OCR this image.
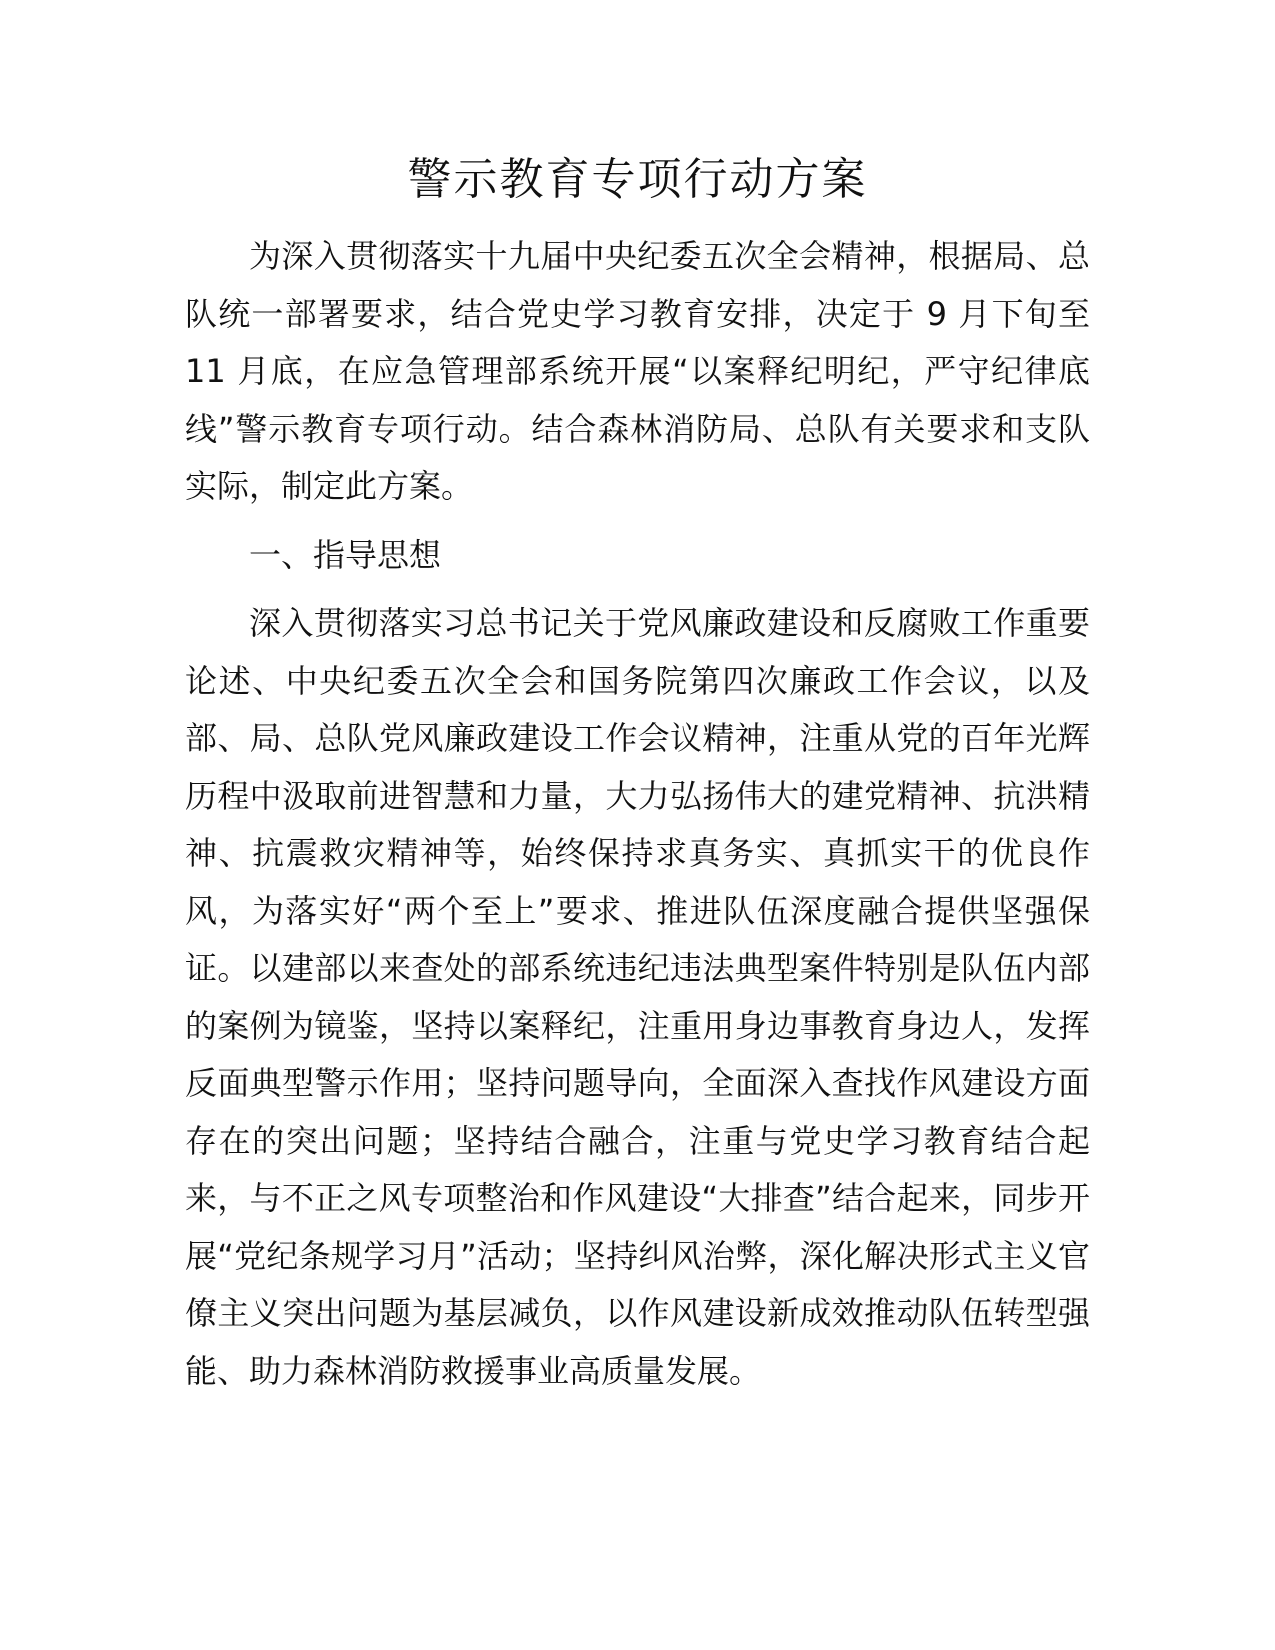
警示教育专项行动方案

为深入贯彻落实十九届中央纪委五次全会精神，根据局、总队统一部署要求，结合党史学习教育安排，决定于 9 月下旬至 11 月底，在应急管理部系统开展“以案释纪明纪，严守纪律底线”警示教育专项行动。结合森林消防局、总队有关要求和支队实际，制定此方案。

一、指导思想

深入贯彻落实习总书记关于党风廉政建设和反腐败工作重要论述、中央纪委五次全会和国务院第四次廉政工作会议，以及部、局、总队党风廉政建设工作会议精神，注重从党的百年光辉历程中汲取前进智慧和力量，大力弘扬伟大的建党精神、抗洪精神、抗震救灾精神等，始终保持求真务实、真抓实干的优良作风，为落实好“两个至上”要求、推进队伍深度融合提供坚强保证。以建部以来查处的部系统违纪违法典型案件特别是队伍内部的案例为镜鉴，坚持以案释纪，注重用身边事教育身边人，发挥反面典型警示作用；坚持问题导向，全面深入查找作风建设方面存在的突出问题；坚持结合融合，注重与党史学习教育结合起来，与不正之风专项整治和作风建设“大排查”结合起来，同步开展“党纪条规学习月”活动；坚持纠风治弊，深化解决形式主义官僚主义突出问题为基层减负，以作风建设新成效推动队伍转型强能、助力森林消防救援事业高质量发展。
